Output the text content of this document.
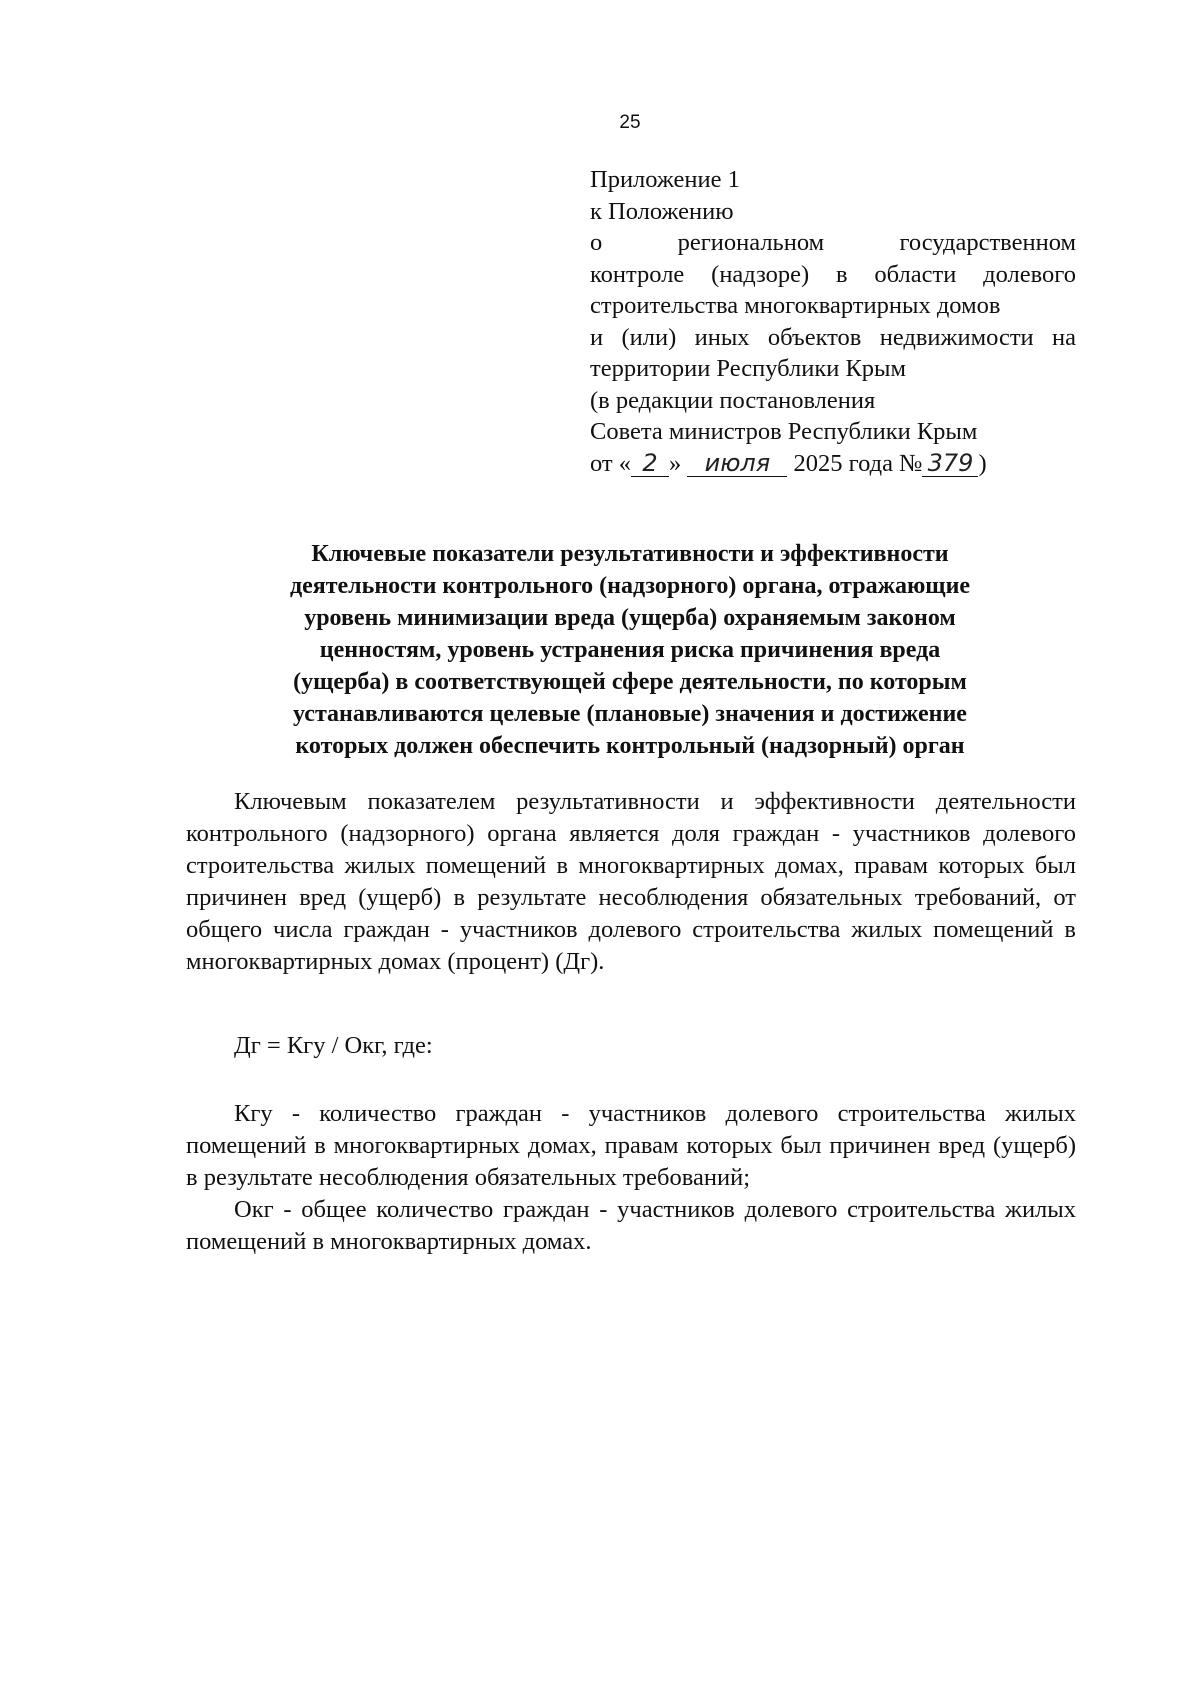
25
Приложение 1
к Положению
о региональном государственном
контроле (надзоре) в области долевого
строительства многоквартирных домов
и (или) иных объектов недвижимости на
территории Республики Крым
(в редакции постановления
Совета министров Республики Крым
от « 2 » июля 2025 года № 379 )
Ключевые показатели результативности и эффективности
деятельности контрольного (надзорного) органа, отражающие
уровень минимизации вреда (ущерба) охраняемым законом
ценностям, уровень устранения риска причинения вреда
(ущерба) в соответствующей сфере деятельности, по которым
устанавливаются целевые (плановые) значения и достижение
которых должен обеспечить контрольный (надзорный) орган

Ключевым показателем результативности и эффективности деятельности контрольного (надзорного) органа является доля граждан - участников долевого строительства жилых помещений в многоквартирных домах, правам которых был причинен вред (ущерб) в результате несоблюдения обязательных требований, от общего числа граждан - участников долевого строительства жилых помещений в многоквартирных домах (процент) (Дг).

Дг = Кгу / Окг, где:

Кгу - количество граждан - участников долевого строительства жилых помещений в многоквартирных домах, правам которых был причинен вред (ущерб) в результате несоблюдения обязательных требований;

Окг - общее количество граждан - участников долевого строительства жилых помещений в многоквартирных домах.
